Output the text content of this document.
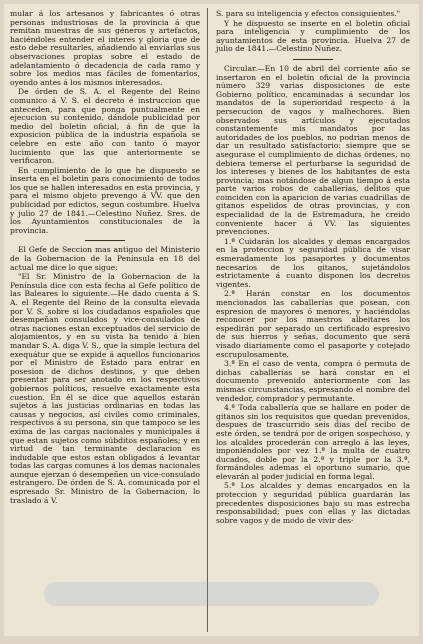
mular á los artesanos y fabricantes ó otras personas industriosas de la provincia á que remitan muestras de sus géneros y artefactos, haciéndoles entender el interes y gloria que de esto debe resultarles, añadiendo al enviarlas sus observaciones propias sobre el estado de adelantamiento ó decadencia de cada ramo y sobre los medios mas fáciles de fomentarlos, oyendo antes á los mismos interesados.

De órden de S. A. el Regente del Reino comunico á V. S. el decreto é instruccion que anteceden, para que ponga puntualmente en ejecucion su contenido, dándole publicidad por medio del boletin oficial, á fin de que la exposicion pública de la industria española se celebre en este año con tanto ó mayor lucimiento que las que anteriormente se verificaron.

En cumplimiento de lo que he dispuesto se inserta en el boletin para conocimiento de todos los que se hallen interesados en esta provincia, y para el mismo objeto prevengo á VV. que den publicidad por edictos, segun costumbre. Huelva y julio 27 de 1841.—Celestino Nuñez. Sres. de los Ayuntamientos constitucionales de la provincia.

El Gefe de Seccion mas antiguo del Ministerio de la Gobernacion de la Península en 18 del actual me dice lo que sigue:

"El Sr. Ministro de la Gobernacion de la Península dice con esta fecha al Gefe político de las Baleares lo siguiente.—He dado cuenta á S. A. el Regente del Reino de la consulta elevada por V. S. sobre si los ciudadanos españoles que desempeñan consulados y vice-consulados de otras naciones estan exceptuados del servicio de alojamientos, y en su vista ha tenido á bien mandar S. A. diga V. S., que la simple lectura del exequátur que se expide á aquellos funcionarios por el Ministro de Estado para entrar en posesion de dichos destinos, y que deben presentar para ser anotado en los respectivos gobiernos políticos, resuelve exactamente esta cuestion. En él se dice que aquellos estarán sujetos á las justicias ordinarias en todas las causas y negocios, así civiles como criminales, respectivos á su persona, sin que tampoco se les exima de las cargas nacionales y municipales á que estan sujetos como súbditos españoles; y en virtud de tan terminante declaracion es indudable que estos estan obligados á levantar todas las cargas comunes á los demas nacionales aunque ejerzan ó desempeñen un vice-consulado estrangero. De órden de S. A. comunicada por el espresado Sr. Ministro de la Gobernacion, lo traslado á V.

S. para su inteligencia y efectos consiguientes."

Y he dispuesto se inserte en el boletin oficial para inteligencia y cumplimiento de los ayuntamientos de esta provincia. Huelva 27 de julio de 1841.—Celestino Nuñez.

Circular.—En 10 de abril del corriente año se insertaron en el boletin oficial de la provincia número 329 varias disposiciones de este Gobierno político, encaminadas á secundar los mandatos de la superioridad respecto á la persecucion de vagos y malhechores. Bien observados sus artículos y ejecutados constantemente mis mandatos por las autoridades de los pueblos, no podrian menos de dar un resultado satisfactorio: siempre que se asegurase el cumplimiento de dichas órdenes, no debiera temerse el perturbarse la seguridad de los intereses y bienes de los habitantes de esta provincia; mas notándose de algun tiempo á esta parte varios robos de caballerías, delitos que coinciden con la aparicion de varias cuadrillas de gitanos espelidos de otras provincias, y con especialidad de la de Estremadura, he creido conveniente hacer á VV. las siguientes prevenciones.

1.ª Cuidarán los alcaldes y demas encargados en la proteccion y seguridad pública de visar esmeradamente los pasaportes y documentos necesarios de los gitanos, sujetándolos estrictamente á cuanto disponen los decretos vigentes.

2.ª Harán constar en los documentos mencionados las caballerías que posean, con espresion de mayores ó menores, y haciéndolas reconocer por los maestros albeitares los espedirán por separado un certificado espresivo de sus hierros y señas, documento que será visado diariamente como el pasaporte y cotejado escrupulosamente.

3.ª En el caso de venta, compra ó permuta de dichas caballerías se hará constar en el documento prevenido anteriormente con las mismas circunstancias, espresando el nombre del vendedor, comprador y permutante.

4.ª Toda caballería que se hallare en poder de gitanos sin los requisitos que quedan prevenidos, despues de trascurrido seis dias del recibo de este órden, se tendrá por de origen sospechoso, y los alcaldes procederán con arreglo á las leyes, imponiéndoles por vez 1.ª la multa de cuatro ducados, doble por la 2.ª y triple por la 3.ª, formándoles ademas el oportuno sumario, que elevarán al poder judicial en forma legal.

5.ª Los alcaldes y demas encargados en la proteccion y seguridad pública guardarán las precedentes disposiciones bajo su mas estrecha responsabilidad; pues con ellas y las dictadas sobre vagos y de modo de vivir des-
